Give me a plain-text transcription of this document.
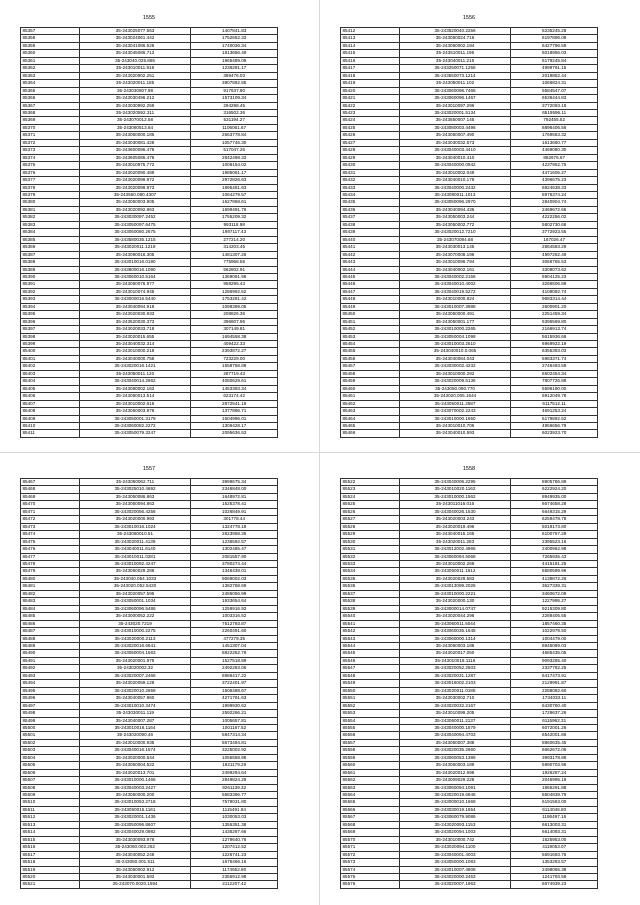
1555
85357	35-243025077.563	1407841.83
85358	35-243024061.442	1752652.33
85359	35-243041086.528	1740036.34
85360	35-243045086.713	1813656.49
85361	35-243040.025.865	1965489.09
85362	35-243010011.918	1236281.17
85363	35-243020902.251	389476.03
85364	35-243020011.185	3907892.85
85365	35-243030807.98	917637.80
85366	35-243030496.212	1573109.34
85367	35-243030992.259	294298.45
85368	35-243020592.311	316502.36
85369	35-243070012.58	531194.27
85370	35-243060513.64	1106061.67
85371	35-243060000.185	2663778.84
85372	35-243030081.428	1057746.30
85373	35-243600096.478	517047.26
85374	35-243605086.478	2842498.33
85375	35-243010975.772	1006154.02
85376	35-243020090.489	1985061.17
85377	35-243020099.972	2972826.63
85378	35-243020099.973	1895481.63
85379	35-243560.080.4307	1064279.57
85380	35-243050003.905	1627968.61
85381	35-243020092.963	1699491.76
85382	35-243030097.2452	1755209.32
85383	35-243050097.6475	993118.98
85384	35-243050080.2675	1987117.43
85385	35-243580035.1215	277214.20
85386	35-243020011.1219	314203.45
85387	35-243090016.305	1481307.26
85388	35-243010016.0190	775968.55
85389	35-243600016.1090	562802.91
85390	35-243060010.5164	1369091.96
85391	35-243050076.977	958295.43
85392	35-243010074.945	1286992.52
85393	35-243000016.5440	1753281.42
85394	35-243040094.918	1098399.05
85395	35-243020030.933	208826.36
85396	35-243520030.373	396807.96
85397	35-243020033.718	307149.81
85398	35-243020015.655	1694558.38
85399	35-243040032.314	409422.33
85400	35-243010000.218	2393872.27
85401	35-243040000.758	723229.00
85402	35-243020016.1421	1558758.89
85403	35-243050011.120	287719.43
85404	35-243040014.2662	4080629.61
85405	35-243080002.163	1453393.34
85406	35-243050013.514	623174.42
85407	35-243010002.616	2872541.19
85408	35-243050003.976	1377896.71
85409	35-243050001.3179	1604996.01
85410	35-243060082.2272	1306428.17
85411	35-243050079.3247	2095636.53
1556
85412	35-243520040.2256	6235245.28
85413	35-243050024.716	6197896.08
85414	35-243060002.194	6427796.58
85415	35-243510011.196	6018956.03
85416	35-243040011.215	6179245.84
85417	35-243250071.1255	4999791.15
85418	35-243550073.1214	2019852.44
85419	35-243050011.102	1066824.31
85420	35-243060096.7465	5584547.07
85421	35-243060096.1467	6536444.83
85422	35-243010097.296	3772093.18
85423	35-243020001.5134	6519596.11
85424	35-243550007.145	792455.52
85425	35-243080003.4498	6896406.56
85426	35-243050007.490	1769583.32
85427	35-243030032.573	1613660.77
85428	35-243040003.4410	4469080.30
85429	35-243040010.410	882676.67
85430	35-243040000.0942	4237952.75
85431	35-243010002.049	4471605.27
85432	35-243040010.179	4396675.23
85433	35-243040000.2432	6824638.33
85434	35-243080011.1013	6976374.24
85435	35-243050096.2970	2840904.74
85436	35-243040094.436	2469672.66
85437	35-243050003.244	4222256.02
85438	35-243050002.772	5802730.66
85439	35-243020012.7210	3772923.55
85440	35-243070084.68	167026.47
85441	35-243030013.145	2864583.29
85442	35-243070008.196	4997262.49
85443	35-243010096.794	3066765.53
85444	35-243040002.161	3308073.62
85445	35-243040002.2156	6904125.23
85446	35-243040010.4002	3266506.89
85447	35-243040019.5272	4109092.74
85448	35-243010000.824	9683314.44
85449	35-243010007.3988	2600901.20
85450	35-243050000.491	2251459.34
85451	35-243050001.177	6395569.80
85452	35-243010000.2265	2166913.74
85453	35-243050004.1098	5615936.66
85454	35-243010003.2510	6969922.19
85455	35-243040010.0.065	6355393.03
85456	35-243040084.043	6983371.74
85457	35-243030002.4232	2746493.58
85458	35-243010000.292	6502454.34
85459	35-243020009.5136	7807726.88
85460	35-243050.090.770	5596190.00
85461	35-243020.005.1644	5912049.78
85462	35-243050011.2587	6117512.11
85463	35-243070002.2243	4691253.24
85464	35-243010000.1650	6179892.52
85465	35-243010010.706	4956656.79
85466	35-243040010.593	6023923.70
1557
85467	35-243060062.711	3999675.34
85468	35-243025010.4692	2346848.00
85469	35-243050086.863	1648972.81
85470	35-243050094.863	1525378.41
85471	35-243020056.4258	1026849.91
85472	35-243020000.993	301778.44
85473	35-243010016.1024	1324778.18
85474	35-243060010.51	2823958.35
85475	35-243020011.4139	1236592.57
85476	35-243040011.6140	1302485.47
85477	35-243010011.0281	2081557.90
85478	35-243010092.4247	3780274.44
85479	35-243060029.286	1346438.01
85480	35-243040.054.1033	9069002.03
85481	35-243020.052.5420	1382768.69
85482	35-243020057.595	2486056.99
85483	35-243050001.1034	1933654.64
85484	35-243060096.5486	1259916.93
85485	35-243000052.222	1003316.52
85486	35-243020.7219	7512793.87
85487	35-243010000.2275	2260491.60
85488	35-243020000.2113	477279.35
85489	35-243020016.6641	1451307.04
85490	35-243050004.1563	8822262.79
85491	35-243020001.975	1527518.89
85492	35-243020002.32	2492283.06
85493	35-243020007.2466	6986417.22
85494	35-243020059.128	3722401.97
85495	35-243020010.2659	1506488.67
85496	35-243040057.960	4271791.63
85497	35-243010010.3474	1999930.62
85498	35-243030011.119	2592266.21
85499	35-243040007.287	1005657.81
85500	35-243010016.1164	1001187.52
85501	35-243020090.46	5847314.34
85502	35-243010000.935	5673494.81
85503	35-243040016.1574	3225002.92
85504	35-243020000.644	1055558.98
85505	35-243050004.522	1921179.29
85506	35-243020013.701	2499294.64
85507	35-243010000.1465	2849824.29
85508	35-243040003.2427	9261139.32
85509	35-243050000.200	5583396.77
85510	35-243010053.2718	7579031.80
85511	35-243050015.1161	1115491.84
85512	35-243020001.1436	1030053.03
85513	35-243050096.8607	1355351.38
85514	35-243040029.0982	1435287.66
85515	35-243030093.978	1279640.76
85516	35-243060.002.262	1207412.52
85517	35-243040052.248	1226741.23
85518	35-243050.001.511	1675466.16
85519	35-243050002.912	1174652.80
85520	35-243030001.593	2355912.98
85521	35-243070.0020.1594	2112207.42
1558
85522	35-243040006.2295	8905786.89
85523	35-243010020.1162	6222924.20
85524	35-243010000.1562	8949935.00
85525	35-243011016.016	6674658.28
85526	35-243040026.1530	6649315.29
85527	35-243020003.243	6259478.78
85528	35-243020019.496	5019173.80
85529	35-243040015.165	6100767.28
85530	35-243020011.283	2395523.16
85531	35-243012002.4965	2400962.98
85532	35-243060094.5068	7265935.43
85533	35-243010002.269	4415181.25
85534	35-243050011.1612	6580599.96
85535	35-243020029.583	4139872.26
85536	35-243013099.2026	3627339.31
85537	35-243010000.2221	3460672.09
85538	35-243020000.130	1227995.27
85539	35-243000014.0747	9215309.80
85540	35-243020044.296	2288405.55
85541	35-243060011.5044	1857460.35
85542	35-243060035.1645	1022979.50
85543	35-243060000.1314	1004479.00
85544	35-243060003.188	6945089.03
85545	35-243020017.050	4685435.05
85546	35-243010019.1116	9093265.40
85547	35-243020052.2503	2337782.25
85548	35-243020031.1287	6417473.91
85549	35-243016002.2103	2129991.87
85550	35-243020011.0185	2288082.60
85551	35-243030002.710	1734033.11
85552	35-243020032.2167	6430760.40
85553	35-243010099.205	1729637.26
85554	35-243060011.2137	6115962.31
85555	35-243040000.1579	6072001.26
85556	35-243040094.4703	6542001.86
85557	35-243050007.388	8860635.45
85558	35-243020035.2660	6662672.06
85559	35-243060053.1389	3993178.88
85560	35-243060003.189	5990703.96
85561	35-243020012.696	1926287.24
85562	35-243009029.228	2046995.19
85563	35-243060094.1091	1865291.88
85564	35-243020019.6946	6604839.79
85565	35-243000010.1669	6191563.00
85566	35-243030019.1654	6114046.80
85567	35-243060079.9086	1186497.16
85568	35-243020093.1153	6613003.31
85569	35-243020094.1003	6614093.31
85570	35-243010000.742	1625953.00
85571	35-243020094.1100	4119053.07
85572	35-243040001.4003	6691693.76
85573	35-243050000.1083	1353283.57
85574	35-243010007.4808	2498065.38
85575	35-243020000.2453	1241793.58
85576	35-243020007.1963	6674939.23
